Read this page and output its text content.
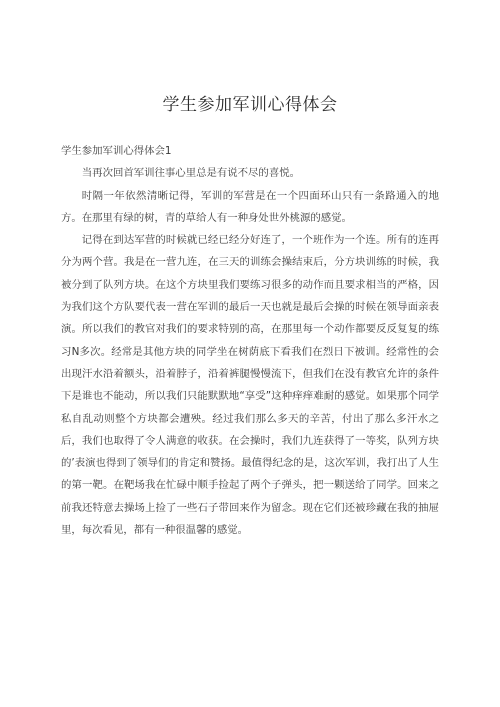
学生参加军训心得体会

学生参加军训心得体会1

当再次回首军训往事心里总是有说不尽的喜悦。

时隔一年依然清晰记得，军训的军营是在一个四面环山只有一条路通入的地方。在那里有绿的树，青的草给人有一种身处世外桃源的感觉。

记得在到达军营的时候就已经已经分好连了，一个班作为一个连。所有的连再分为两个营。我是在一营九连，在三天的训练会操结束后，分方块训练的时候，我被分到了队列方块。在这个方块里我们要练习很多的动作而且要求相当的严格，因为我们这个方队要代表一营在军训的最后一天也就是最后会操的时候在领导面亲表演。所以我们的教官对我们的要求特别的高，在那里每一个动作都要反反复复的练习N多次。经常是其他方块的同学坐在树荫底下看我们在烈日下被训。经常性的会出现汗水沿着额头，沿着脖子，沿着裤腿慢慢流下，但我们在没有教官允许的条件下是谁也不能动，所以我们只能默默地“享受”这种痒痒难耐的感觉。如果那个同学私自乱动则整个方块都会遭殃。经过我们那么多天的辛苦，付出了那么多汗水之后，我们也取得了令人满意的收获。在会操时，我们九连获得了一等奖，队列方块的’表演也得到了领导们的肯定和赞扬。最值得纪念的是，这次军训，我打出了人生的第一靶。在靶场我在忙碌中顺手捡起了两个子弹头，把一颗送给了同学。回来之前我还特意去操场上捡了一些石子带回来作为留念。现在它们还被珍藏在我的抽屉里，每次看见，都有一种很温馨的感觉。
